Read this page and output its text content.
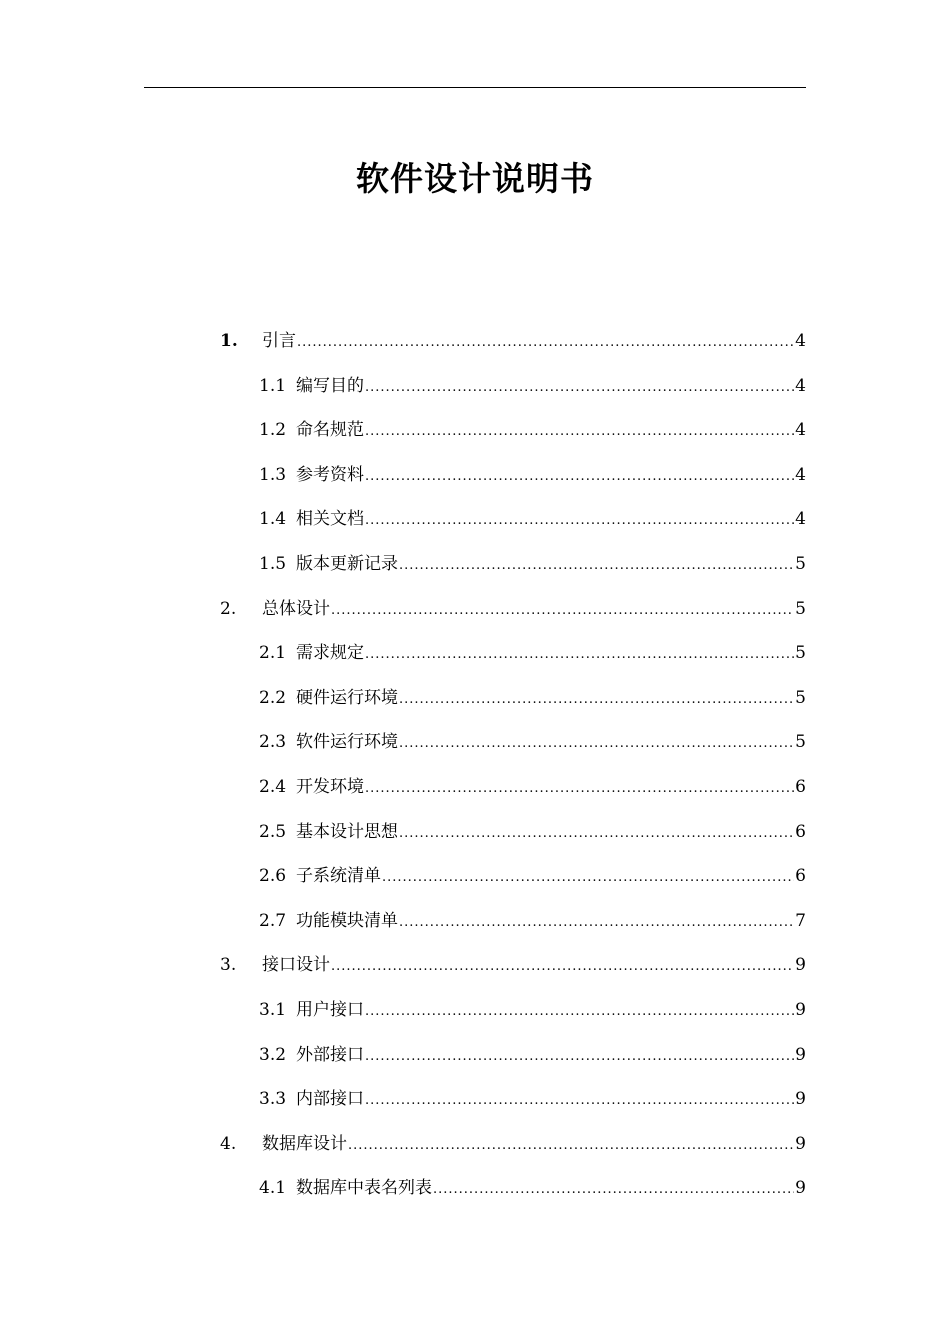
软件设计说明书
1.	引言 .....	4
1.1 编写目的 .....	4
1.2 命名规范 .....	4
1.3 参考资料 .....	4
1.4 相关文档 .....	4
1.5 版本更新记录 .....	5
2.	总体设计 .....	5
2.1 需求规定 .....	5
2.2 硬件运行环境 .....	5
2.3 软件运行环境 .....	5
2.4 开发环境 .....	6
2.5 基本设计思想 .....	6
2.6 子系统清单 .....	6
2.7 功能模块清单 .....	7
3.	接口设计 .....	9
3.1 用户接口 .....	9
3.2 外部接口 .....	9
3.3 内部接口 .....	9
4.	数据库设计 .....	9
4.1 数据库中表名列表 .....	9
